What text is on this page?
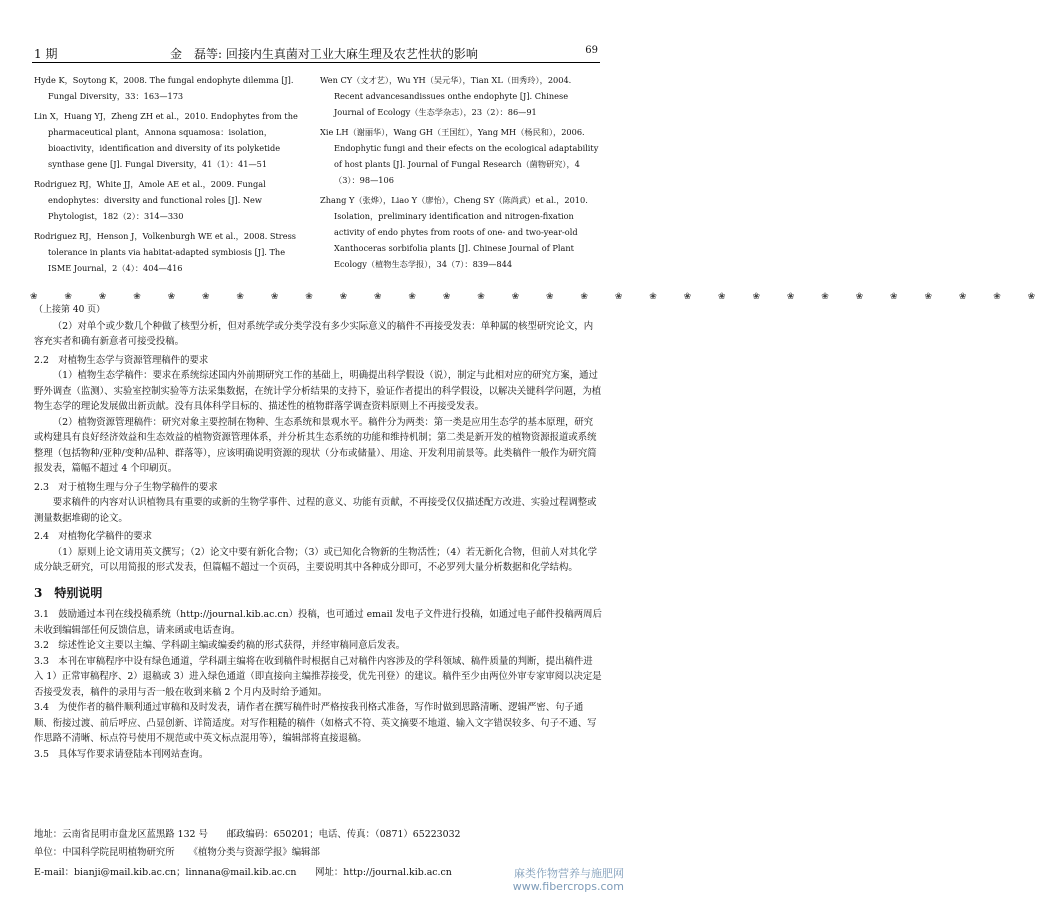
1 期	金　磊等: 回接内生真菌对工业大麻生理及农艺性状的影响	69
Hyde K，Soytong K，2008. The fungal endophyte dilemma [J]. Fungal Diversity，33：163—173
Lin X，Huang YJ，Zheng ZH et al.，2010. Endophytes from the pharmaceutical plant，Annona squamosa：isolation，bioactivity，identification and diversity of its polyketide synthase gene [J]. Fungal Diversity，41（1）：41—51
Rodriguez RJ，White JJ，Amole AE et al.，2009. Fungal endophytes：diversity and functional roles [J]. New Phytologist，182（2）：314—330
Rodriguez RJ，Henson J，Volkenburgh WE et al.，2008. Stress tolerance in plants via habitat-adapted symbiosis [J]. The ISME Journal，2（4）：404—416
Wen CY（文才艺），Wu YH（吴元华），Tian XL（田秀玲），2004. Recent advancesandissues onthe endophyte [J]. Chinese Journal of Ecology（生态学杂志），23（2）：86—91
Xie LH（谢丽华），Wang GH（王国红），Yang MH（杨民和），2006. Endophytic fungi and their efects on the ecological adaptability of host plants [J]. Journal of Fungal Research（菌物研究），4（3）：98—106
Zhang Y（张烨），Liao Y（廖怡），Cheng SY（陈尚武）et al.，2010. Isolation，preliminary identification and nitrogen-fixation activity of endo phytes from roots of one- and two-year-old Xanthoceras sorbifolia plants [J]. Chinese Journal of Plant Ecology（植物生态学报），34（7）：839—844
❀ ❀ ❀ ❀ ❀ ❀ ❀ ❀ ❀ ❀ ❀ ❀ ❀ ❀ ❀ ❀ ❀ ❀ ❀ ❀ ❀ ❀ ❀ ❀ ❀ ❀ ❀ ❀ ❀ ❀

（上接第 40 页）

（2）对单个或少数几个种做了核型分析，但对系统学或分类学没有多少实际意义的稿件不再接受发表：单种属的核型研究论文，内容充实者和确有新意者可接受投稿。

2.2　对植物生态学与资源管理稿件的要求

（1）植物生态学稿件：要求在系统综述国内外前期研究工作的基础上，明确提出科学假设（说），制定与此相对应的研究方案，通过野外调查（监测）、实验室控制实验等方法采集数据，在统计学分析结果的支持下，验证作者提出的科学假设，以解决关键科学问题，为植物生态学的理论发展做出新贡献。没有具体科学目标的、描述性的植物群落学调查资料原则上不再接受发表。

（2）植物资源管理稿件：研究对象主要控制在物种、生态系统和景观水平。稿件分为两类：第一类是应用生态学的基本原理，研究或构建具有良好经济效益和生态效益的植物资源管理体系，并分析其生态系统的功能和维持机制；第二类是新开发的植物资源报道或系统整理（包括物种/亚种/变种/品种、群落等），应该明确说明资源的现状（分布或储量）、用途、开发利用前景等。此类稿件一般作为研究简报发表，篇幅不超过 4 个印刷页。

2.3　对于植物生理与分子生物学稿件的要求

要求稿件的内容对认识植物具有重要的或新的生物学事件、过程的意义、功能有贡献，不再接受仅仅描述配方改进、实验过程调整或测量数据堆砌的论文。

2.4　对植物化学稿件的要求

（1）原则上论文请用英文撰写；（2）论文中要有新化合物；（3）或已知化合物新的生物活性；（4）若无新化合物，但前人对其化学成分缺乏研究，可以用简报的形式发表，但篇幅不超过一个页码，主要说明其中各种成分即可，不必罗列大量分析数据和化学结构。

3　特别说明

3.1　鼓励通过本刊在线投稿系统（http://journal.kib.ac.cn）投稿，也可通过 email 发电子文件进行投稿，如通过电子邮件投稿两周后未收到编辑部任何反馈信息，请来函或电话查询。

3.2　综述性论文主要以主编、学科副主编或编委约稿的形式获得，并经审稿同意后发表。

3.3　本刊在审稿程序中设有绿色通道，学科副主编将在收到稿件时根据自己对稿件内容涉及的学科领域、稿件质量的判断，提出稿件进入 1）正常审稿程序、2）退稿或 3）进入绿色通道（即直接向主编推荐接受，优先刊登）的建议。稿件至少由两位外审专家审阅以决定是否接受发表，稿件的录用与否一般在收到来稿 2 个月内及时给予通知。

3.4　为使作者的稿件顺利通过审稿和及时发表，请作者在撰写稿件时严格按我刊格式准备，写作时做到思路清晰、逻辑严密、句子通顺、衔接过渡、前后呼应、凸显创新、详简适度。对写作粗糙的稿件（如格式不符、英文摘要不地道、输入文字错误较多、句子不通、写作思路不清晰、标点符号使用不规范或中英文标点混用等），编辑部将直接退稿。

3.5　具体写作要求请登陆本刊网站查询。

地址：云南省昆明市盘龙区蓝黑路 132 号　　邮政编码：650201；电话、传真：（0871）65223032
单位：中国科学院昆明植物研究所　　《植物分类与资源学报》编辑部
E-mail：bianji@mail.kib.ac.cn；linnana@mail.kib.ac.cn　　网址：http://journal.kib.ac.cn	麻类作物营养与施肥网
www.fibercrops.com
